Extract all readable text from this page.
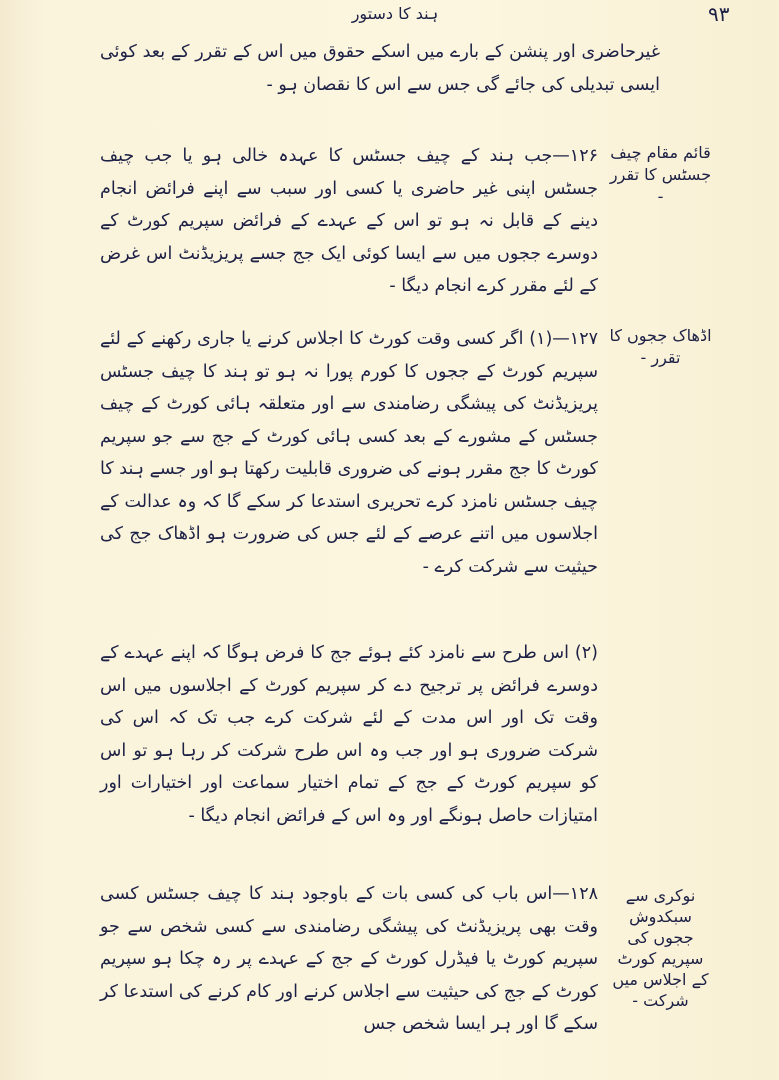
ہند کا دستور	۹۳

غیرحاضری اور پنشن کے بارے میں اسکے حقوق میں اس کے تقرر کے بعد کوئی ایسی تبدیلی کی جائے گی جس سے اس کا نقصان ہو -

قائم مقام چیف جسٹس کا تقرر -

۱۲۶—جب ہند کے چیف جسٹس کا عہدہ خالی ہو یا جب چیف جسٹس اپنی غیر حاضری یا کسی اور سبب سے اپنے فرائض انجام دینے کے قابل نہ ہو تو اس کے عہدے کے فرائض سپریم کورٹ کے دوسرے ججوں میں سے ایسا کوئی ایک جج جسے پریزیڈنٹ اس غرض کے لئے مقرر کرے انجام دیگا -

اڈھاک ججوں کا تقرر -

۱۲۷—(۱) اگر کسی وقت کورٹ کا اجلاس کرنے یا جاری رکھنے کے لئے سپریم کورٹ کے ججوں کا کورم پورا نہ ہو تو ہند کا چیف جسٹس پریزیڈنٹ کی پیشگی رضامندی سے اور متعلقہ ہائی کورٹ کے چیف جسٹس کے مشورے کے بعد کسی ہائی کورٹ کے جج سے جو سپریم کورٹ کا جج مقرر ہونے کی ضروری قابلیت رکھتا ہو اور جسے ہند کا چیف جسٹس نامزد کرے تحریری استدعا کر سکے گا کہ وہ عدالت کے اجلاسوں میں اتنے عرصے کے لئے جس کی ضرورت ہو اڈھاک جج کی حیثیت سے شرکت کرے -

(۲) اس طرح سے نامزد کئے ہوئے جج کا فرض ہوگا کہ اپنے عہدے کے دوسرے فرائض پر ترجیح دے کر سپریم کورٹ کے اجلاسوں میں اس وقت تک اور اس مدت کے لئے شرکت کرے جب تک کہ اس کی شرکت ضروری ہو اور جب وہ اس طرح شرکت کر رہا ہو تو اس کو سپریم کورٹ کے جج کے تمام اختیار سماعت اور اختیارات اور امتیازات حاصل ہونگے اور وہ اس کے فرائض انجام دیگا -

نوکری سے سبکدوش ججوں کی سپریم کورٹ کے اجلاس میں شرکت -

۱۲۸—اس باب کی کسی بات کے باوجود ہند کا چیف جسٹس کسی وقت بھی پریزیڈنٹ کی پیشگی رضامندی سے کسی شخص سے جو سپریم کورٹ یا فیڈرل کورٹ کے جج کے عہدے پر رہ چکا ہو سپریم کورٹ کے جج کی حیثیت سے اجلاس کرنے اور کام کرنے کی استدعا کر سکے گا اور ہر ایسا شخص جس
